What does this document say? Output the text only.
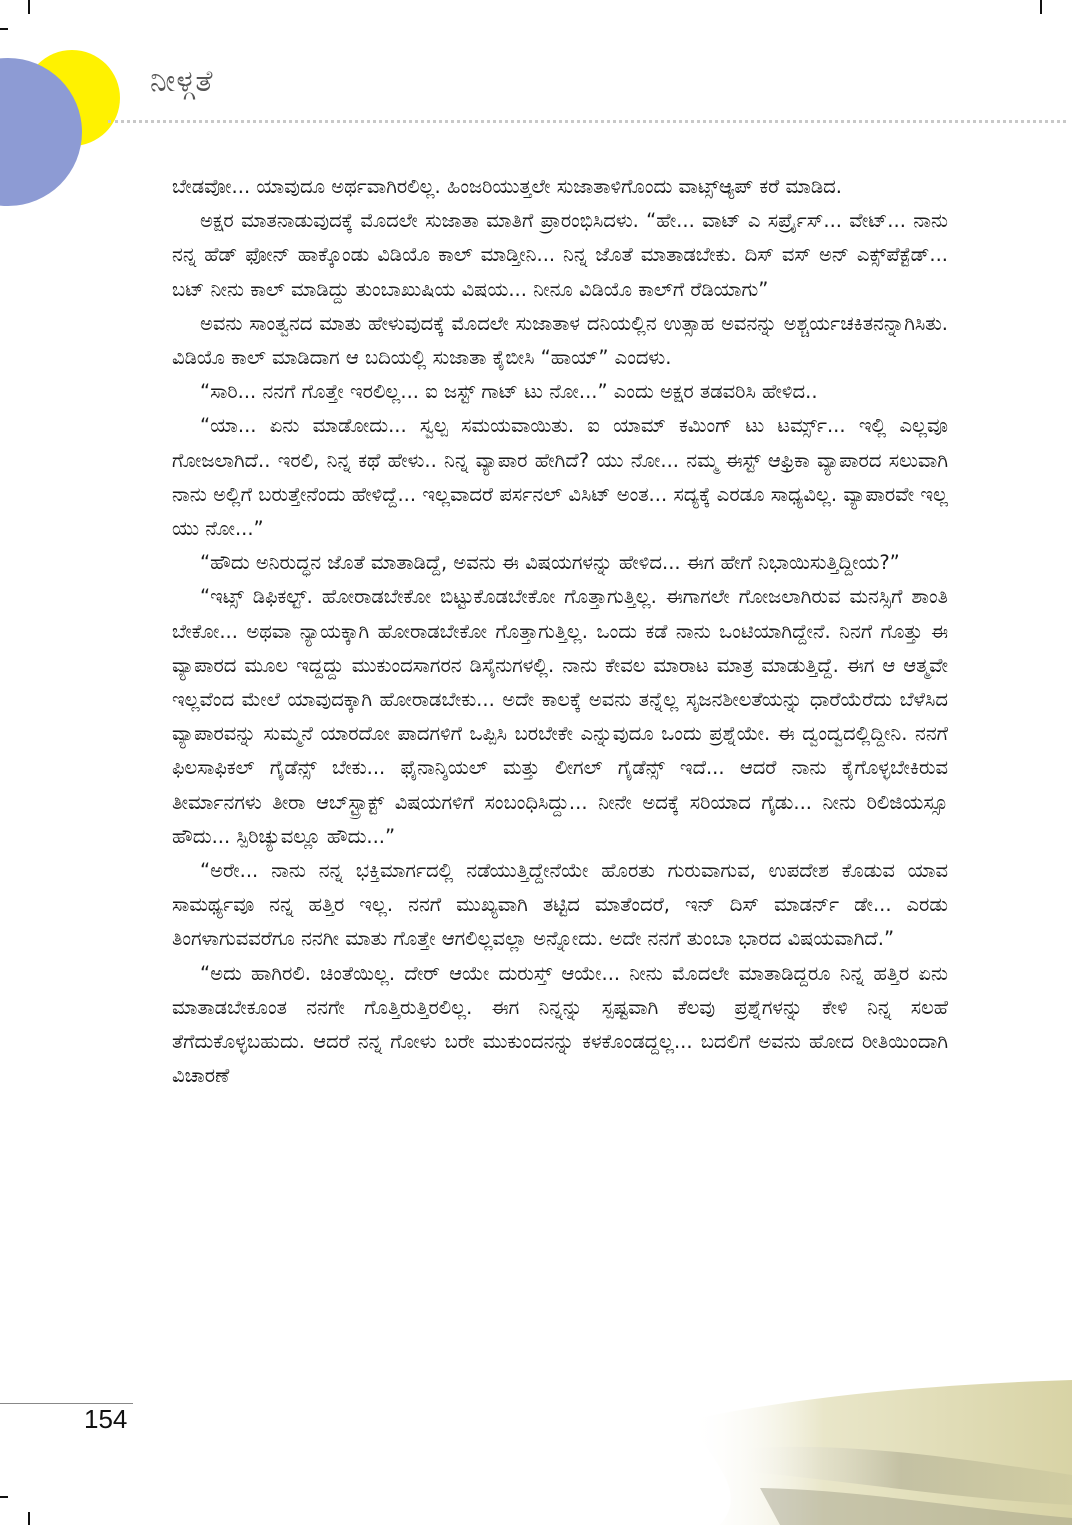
ನೀಳ್ಗತೆ

ಬೇಡವೋ... ಯಾವುದೂ ಅರ್ಥವಾಗಿರಲಿಲ್ಲ. ಹಿಂಜರಿಯುತ್ತಲೇ ಸುಜಾತಾಳಿಗೊಂದು ವಾಟ್ಸ್‌ಆ್ಯಪ್ ಕರೆ ಮಾಡಿದ.

ಅಕ್ಷರ ಮಾತನಾಡುವುದಕ್ಕೆ ಮೊದಲೇ ಸುಜಾತಾ ಮಾತಿಗೆ ಪ್ರಾರಂಭಿಸಿದಳು. “ಹೇ... ವಾಟ್ ಎ ಸರ್ಪ್ರೈಸ್... ವೇಟ್... ನಾನು ನನ್ನ ಹೆಡ್ ಫೋನ್ ಹಾಕ್ಕೊಂಡು ವಿಡಿಯೊ ಕಾಲ್ ಮಾಡ್ತೀನಿ... ನಿನ್ನ ಜೊತೆ ಮಾತಾಡಬೇಕು. ದಿಸ್ ವಸ್ ಅನ್ ಎಕ್ಸ್‌ಪೆಕ್ಟೆಡ್... ಬಟ್ ನೀನು ಕಾಲ್ ಮಾಡಿದ್ದು ತುಂಬಾಖುಷಿಯ ವಿಷಯ... ನೀನೂ ವಿಡಿಯೊ ಕಾಲ್‌ಗೆ ರೆಡಿಯಾಗು”

ಅವನು ಸಾಂತ್ವನದ ಮಾತು ಹೇಳುವುದಕ್ಕೆ ಮೊದಲೇ ಸುಜಾತಾಳ ದನಿಯಲ್ಲಿನ ಉತ್ಸಾಹ ಅವನನ್ನು ಅಶ್ಚರ್ಯಚಕಿತನನ್ನಾಗಿಸಿತು. ವಿಡಿಯೊ ಕಾಲ್ ಮಾಡಿದಾಗ ಆ ಬದಿಯಲ್ಲಿ ಸುಜಾತಾ ಕೈಬೀಸಿ “ಹಾಯ್” ಎಂದಳು.

“ಸಾರಿ... ನನಗೆ ಗೊತ್ತೇ ಇರಲಿಲ್ಲ... ಐ ಜಸ್ಟ್ ಗಾಟ್ ಟು ನೋ...” ಎಂದು ಅಕ್ಷರ ತಡವರಿಸಿ ಹೇಳಿದ..

“ಯಾ... ಏನು ಮಾಡೋದು... ಸ್ವಲ್ಪ ಸಮಯವಾಯಿತು. ಐ ಯಾಮ್ ಕಮಿಂಗ್ ಟು ಟರ್ಮ್ಸ್... ಇಲ್ಲಿ ಎಲ್ಲವೂ ಗೋಜಲಾಗಿದೆ.. ಇರಲಿ, ನಿನ್ನ ಕಥೆ ಹೇಳು.. ನಿನ್ನ ವ್ಯಾಪಾರ ಹೇಗಿದೆ? ಯು ನೋ... ನಮ್ಮ ಈಸ್ಟ್ ಆಫ್ರಿಕಾ ವ್ಯಾಪಾರದ ಸಲುವಾಗಿ ನಾನು ಅಲ್ಲಿಗೆ ಬರುತ್ತೇನೆಂದು ಹೇಳಿದ್ದೆ... ಇಲ್ಲವಾದರೆ ಪರ್ಸನಲ್ ವಿಸಿಟ್ ಅಂತ... ಸದ್ಯಕ್ಕೆ ಎರಡೂ ಸಾಧ್ಯವಿಲ್ಲ. ವ್ಯಾಪಾರವೇ ಇಲ್ಲ ಯು ನೋ...”

“ಹೌದು ಅನಿರುದ್ಧನ ಜೊತೆ ಮಾತಾಡಿದ್ದೆ, ಅವನು ಈ ವಿಷಯಗಳನ್ನು ಹೇಳಿದ... ಈಗ ಹೇಗೆ ನಿಭಾಯಿಸುತ್ತಿದ್ದೀಯ?”

“ಇಟ್ಸ್ ಡಿಫಿಕಲ್ಟ್. ಹೋರಾಡಬೇಕೋ ಬಿಟ್ಟುಕೊಡಬೇಕೋ ಗೊತ್ತಾಗುತ್ತಿಲ್ಲ. ಈಗಾಗಲೇ ಗೋಜಲಾಗಿರುವ ಮನಸ್ಸಿಗೆ ಶಾಂತಿ ಬೇಕೋ... ಅಥವಾ ನ್ಯಾಯಕ್ಕಾಗಿ ಹೋರಾಡಬೇಕೋ ಗೊತ್ತಾಗುತ್ತಿಲ್ಲ. ಒಂದು ಕಡೆ ನಾನು ಒಂಟಿಯಾಗಿದ್ದೇನೆ. ನಿನಗೆ ಗೊತ್ತು ಈ ವ್ಯಾಪಾರದ ಮೂಲ ಇದ್ದದ್ದು ಮುಕುಂದಸಾಗರನ ಡಿಸೈನುಗಳಲ್ಲಿ. ನಾನು ಕೇವಲ ಮಾರಾಟ ಮಾತ್ರ ಮಾಡುತ್ತಿದ್ದೆ. ಈಗ ಆ ಆತ್ಮವೇ ಇಲ್ಲವೆಂದ ಮೇಲೆ ಯಾವುದಕ್ಕಾಗಿ ಹೋರಾಡಬೇಕು... ಅದೇ ಕಾಲಕ್ಕೆ ಅವನು ತನ್ನೆಲ್ಲ ಸೃಜನಶೀಲತೆಯನ್ನು ಧಾರೆಯೆರೆದು ಬೆಳೆಸಿದ ವ್ಯಾಪಾರವನ್ನು ಸುಮ್ಮನೆ ಯಾರದೋ ಪಾದಗಳಿಗೆ ಒಪ್ಪಿಸಿ ಬರಬೇಕೇ ಎನ್ನುವುದೂ ಒಂದು ಪ್ರಶ್ನೆಯೇ. ಈ ದ್ವಂದ್ವದಲ್ಲಿದ್ದೀನಿ. ನನಗೆ ಫಿಲಸಾಫಿಕಲ್ ಗೈಡೆನ್ಸ್ ಬೇಕು... ಫೈನಾನ್ಶಿಯಲ್ ಮತ್ತು ಲೀಗಲ್ ಗೈಡೆನ್ಸ್ ಇದೆ... ಆದರೆ ನಾನು ಕೈಗೊಳ್ಳಬೇಕಿರುವ ತೀರ್ಮಾನಗಳು ತೀರಾ ಆಬ್‌ಸ್ಟ್ರಾಕ್ಟ್ ವಿಷಯಗಳಿಗೆ ಸಂಬಂಧಿಸಿದ್ದು... ನೀನೇ ಅದಕ್ಕೆ ಸರಿಯಾದ ಗೈಡು... ನೀನು ರಿಲಿಜಿಯಸ್ಸೂ ಹೌದು... ಸ್ಪಿರಿಚ್ಯುವಲ್ಲೂ ಹೌದು...”

“ಅರೇ... ನಾನು ನನ್ನ ಭಕ್ತಿಮಾರ್ಗದಲ್ಲಿ ನಡೆಯುತ್ತಿದ್ದೇನೆಯೇ ಹೊರತು ಗುರುವಾಗುವ, ಉಪದೇಶ ಕೊಡುವ ಯಾವ ಸಾಮರ್ಥ್ಯವೂ ನನ್ನ ಹತ್ತಿರ ಇಲ್ಲ. ನನಗೆ ಮುಖ್ಯವಾಗಿ ತಟ್ಟಿದ ಮಾತೆಂದರೆ, ಇನ್ ದಿಸ್ ಮಾಡರ್ನ್ ಡೇ... ಎರಡು ತಿಂಗಳಾಗುವವರೆಗೂ ನನಗೀ ಮಾತು ಗೊತ್ತೇ ಆಗಲಿಲ್ಲವಲ್ಲಾ ಅನ್ನೋದು. ಅದೇ ನನಗೆ ತುಂಬಾ ಭಾರದ ವಿಷಯವಾಗಿದೆ.”

“ಅದು ಹಾಗಿರಲಿ. ಚಿಂತೆಯಿಲ್ಲ. ದೇರ್ ಆಯೇ ದುರುಸ್ತ್ ಆಯೇ... ನೀನು ಮೊದಲೇ ಮಾತಾಡಿದ್ದರೂ ನಿನ್ನ ಹತ್ತಿರ ಏನು ಮಾತಾಡಬೇಕೂಂತ ನನಗೇ ಗೊತ್ತಿರುತ್ತಿರಲಿಲ್ಲ. ಈಗ ನಿನ್ನನ್ನು ಸ್ಪಷ್ಟವಾಗಿ ಕೆಲವು ಪ್ರಶ್ನೆಗಳನ್ನು ಕೇಳಿ ನಿನ್ನ ಸಲಹೆ ತೆಗೆದುಕೊಳ್ಳಬಹುದು. ಆದರೆ ನನ್ನ ಗೋಳು ಬರೇ ಮುಕುಂದನನ್ನು ಕಳಕೊಂಡದ್ದಲ್ಲ... ಬದಲಿಗೆ ಅವನು ಹೋದ ರೀತಿಯಿಂದಾಗಿ ವಿಚಾರಣೆ

154
